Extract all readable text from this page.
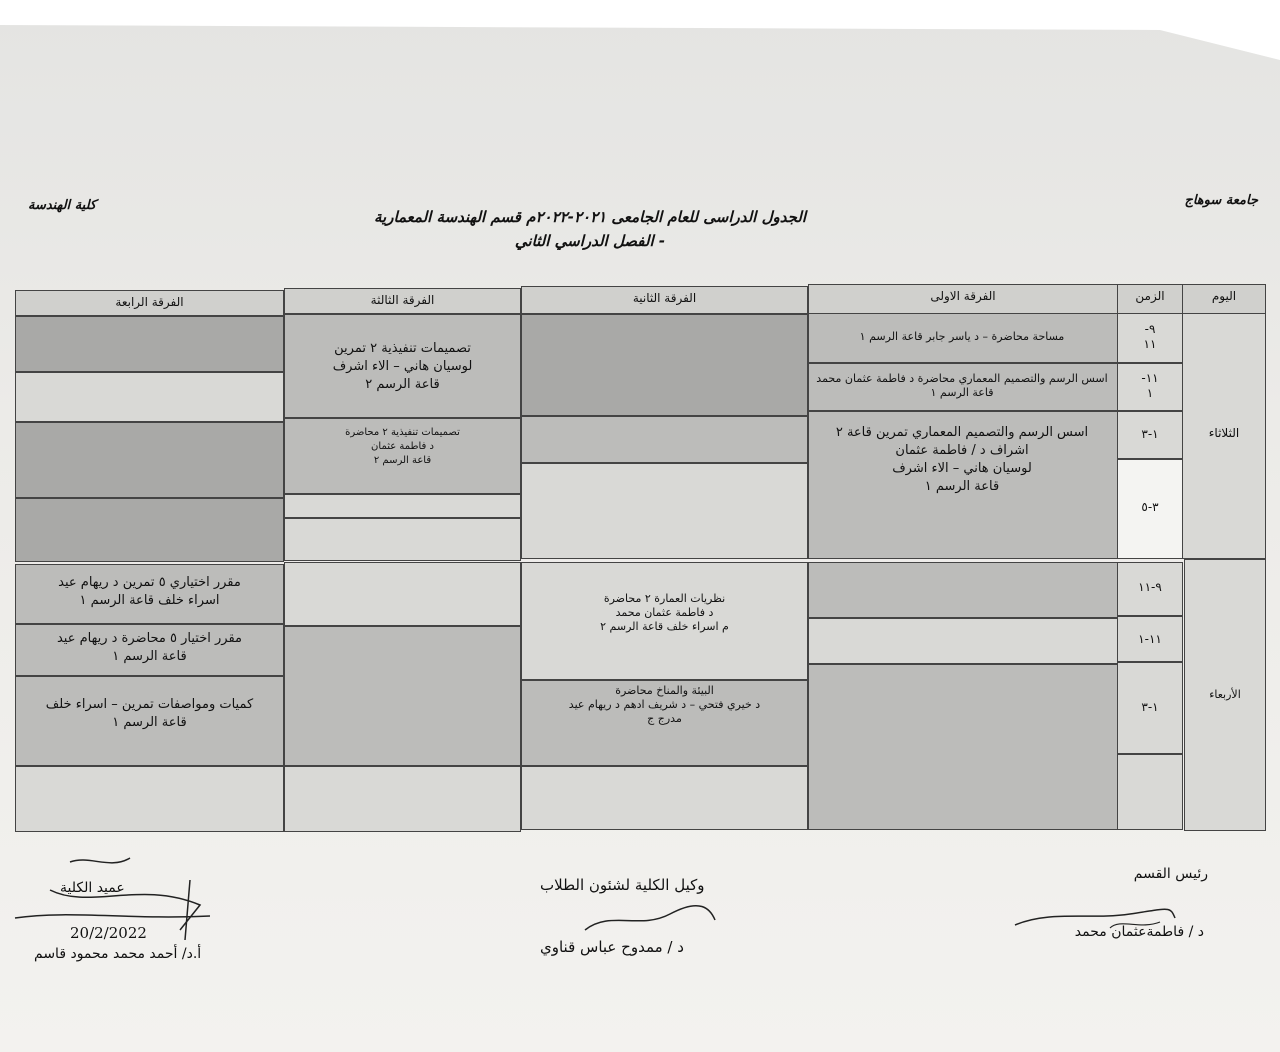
كلية الهندسة	جامعة سوهاج
الجدول الدراسى للعام الجامعى ٢٠٢١-٢٠٢٢م قسم الهندسة المعمارية
- الفصل الدراسي الثاني
اليوم
الزمن
الفرقة الاولى
الفرقة الثانية
الفرقة الثالثة
الفرقة الرابعة
الثلاثاء
الأربعاء
٩-
١١
١١-
١
١-٣
٣-٥
٩-١١
١١-١
١-٣
مساحة محاضرة – د ياسر جابر قاعة الرسم ١
اسس الرسم والتصميم المعماري محاضرة د فاطمة عثمان محمد قاعة الرسم ١
اسس الرسم والتصميم المعماري تمرين قاعة ٢
اشراف د / فاطمة عثمان
لوسيان هاني – الاء اشرف
قاعة الرسم ١
تصميمات تنفيذية ٢ تمرين
لوسيان هاني – الاء اشرف
قاعة الرسم ٢
تصميمات تنفيذية ٢ محاضرة
د فاطمة عثمان
قاعة الرسم ٢
نظريات العمارة ٢ محاضرة
د فاطمة عثمان محمد
م اسراء خلف قاعة الرسم ٢
البيئة والمناخ محاضرة
د خيري فتحي – د شريف ادهم د ريهام عيد
مدرج ج
مقرر اختياري ٥ تمرين د ريهام عيد
اسراء خلف قاعة الرسم ١
مقرر اختيار ٥ محاضرة د ريهام عيد
قاعة الرسم ١
كميات ومواصفات تمرين – اسراء خلف
قاعة الرسم ١
رئيس القسم
د / فاطمةعثمان محمد
وكيل الكلية لشئون الطلاب
د / ممدوح عباس قناوي
عميد الكلية
20/2/2022
أ.د/ أحمد محمد محمود قاسم
